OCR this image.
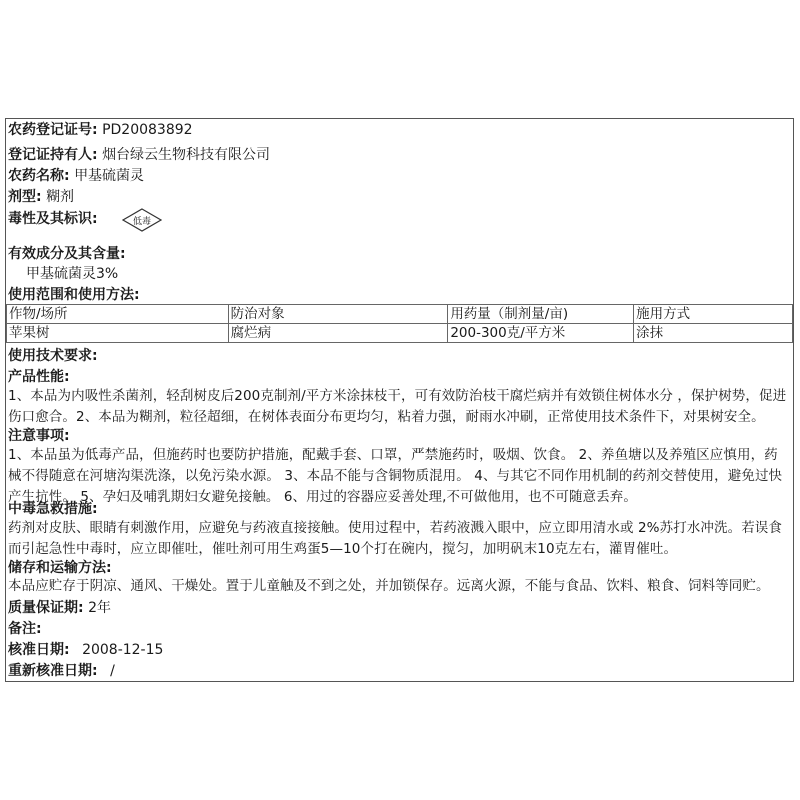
农药登记证号: PD20083892
登记证持有人: 烟台绿云生物科技有限公司
农药名称: 甲基硫菌灵
剂型: 糊剂
毒性及其标识:	低毒
有效成分及其含量:
甲基硫菌灵3%
使用范围和使用方法:
作物/场所	防治对象	用药量（制剂量/亩)	施用方式
苹果树	腐烂病	200-300克/平方米	涂抹
使用技术要求:
产品性能:
1、本品为内吸性杀菌剂，轻刮树皮后200克制剂/平方米涂抹枝干，可有效防治枝干腐烂病并有效锁住树体水分 ，保护树势，促进伤口愈合。2、本品为糊剂，粒径超细，在树体表面分布更均匀，粘着力强，耐雨水冲刷，正常使用技术条件下，对果树安全。
注意事项:
1、本品虽为低毒产品，但施药时也要防护措施，配戴手套、口罩，严禁施药时，吸烟、饮食。 2、养鱼塘以及养殖区应慎用，药械不得随意在河塘沟渠洗涤，以免污染水源。 3、本品不能与含铜物质混用。 4、与其它不同作用机制的药剂交替使用，避免过快产生抗性。 5、孕妇及哺乳期妇女避免接触。 6、用过的容器应妥善处理,不可做他用，也不可随意丢弃。
中毒急救措施:
药剂对皮肤、眼睛有刺激作用，应避免与药液直接接触。使用过程中，若药液溅入眼中，应立即用清水或 2%苏打水冲洗。若误食而引起急性中毒时，应立即催吐，催吐剂可用生鸡蛋5—10个打在碗内，搅匀，加明矾末10克左右，灌胃催吐。
储存和运输方法:
本品应贮存于阴凉、通风、干燥处。置于儿童触及不到之处，并加锁保存。远离火源，不能与食品、饮料、粮食、饲料等同贮。
质量保证期: 2年
备注:
核准日期: 2008-12-15
重新核准日期: /
